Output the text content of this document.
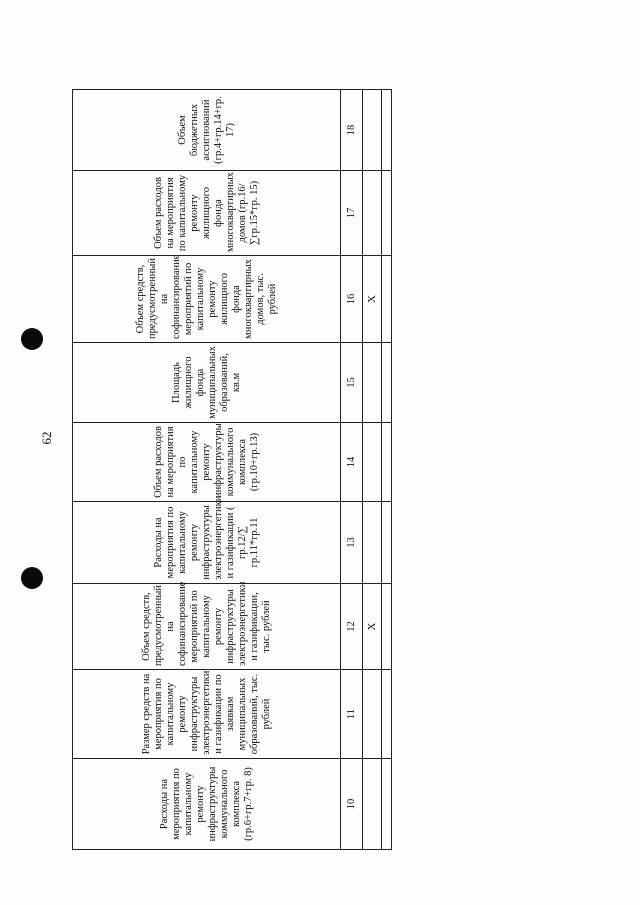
62
Расходы на мероприятия по капитальному ремонту инфраструктуры коммунального комплекса (гр.6+гр.7+гр. 8)	Размер средств на мероприятия по капитальному ремонту инфраструктуры электроэнергетики и газификации по заявкам муниципальных образований, тыс. рублей	Объем средств, предусмотренный на софинансирование мероприятий по капитальному ремонту инфраструктуры электроэнергетики и газификации, тыс. рублей	Расходы на мероприятия по капитальному ремонту инфраструктуры электроэнергетики и газификации ( гр.12/∑ гр.11*гр.11	Объем расходов на мероприятия по капитальному ремонту инфраструктуры коммунального комплекса (гр.10+гр.13)	Площадь жилищного фонда муниципальных образований, кв.м	Объем средств, предусмотренный на софинансирование мероприятий по капитальному ремонту жилищного фонда многоквартирных домов, тыс. рублей	Объем расходов на мероприятия по капитальному ремонту жилищного фонда многоквартирных домов (гр.16/∑гр.15*гр. 15)	Объем бюджетных ассигнований (гр.4+гр.14+гр. 17)
10	11	12	13	14	15	16	17	18
		X				X		
